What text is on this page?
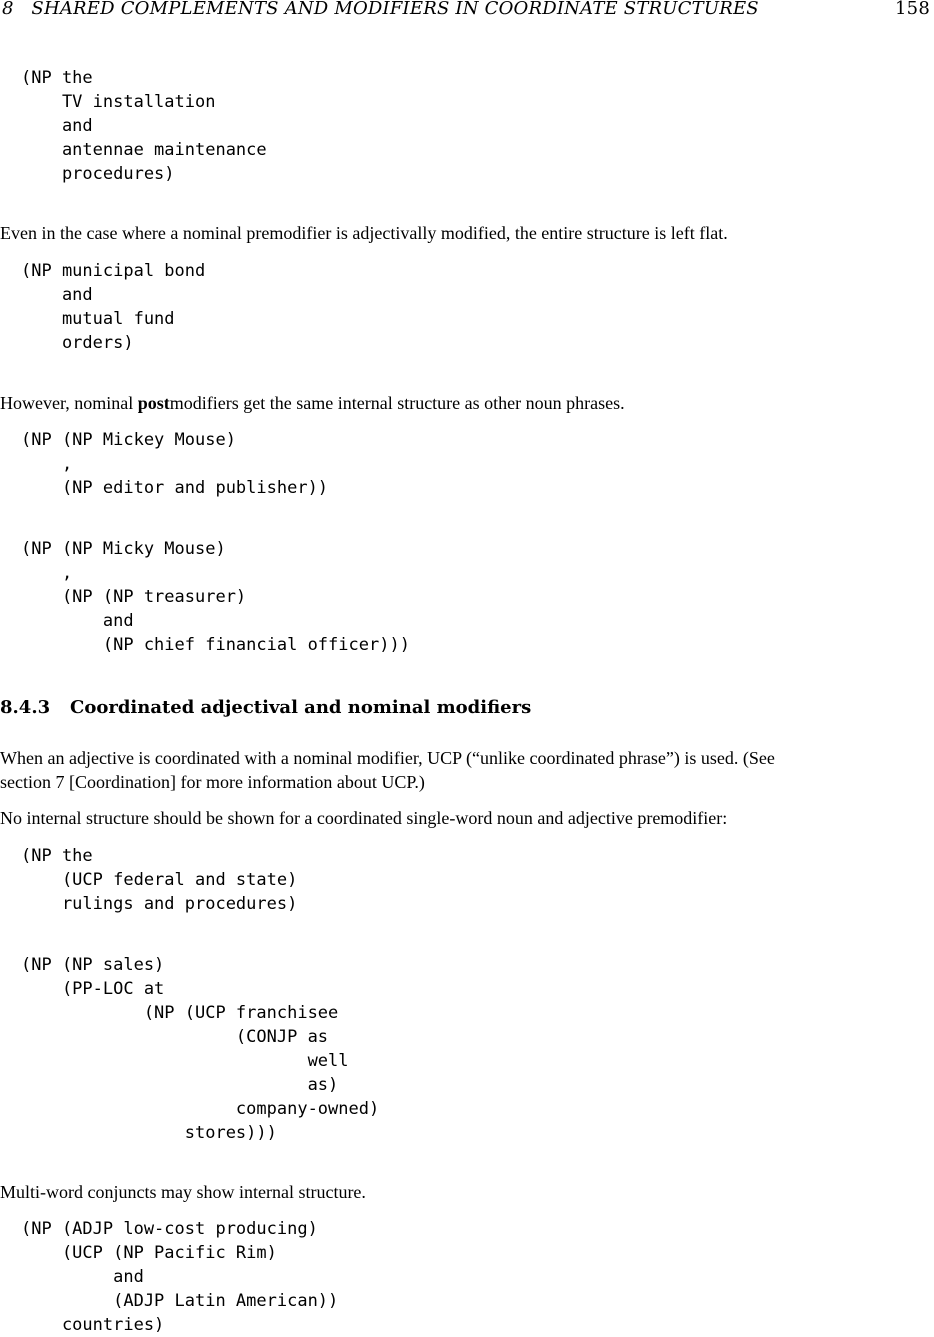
8   SHARED COMPLEMENTS AND MODIFIERS IN COORDINATE STRUCTURES	158
(NP the
TV installation
and
antennae maintenance
procedures)
Even in the case where a nominal premodifier is adjectivally modified, the entire structure is left flat.
(NP municipal bond
and
mutual fund
orders)
However, nominal postmodifiers get the same internal structure as other noun phrases.
(NP (NP Mickey Mouse)
,
(NP editor and publisher))
(NP (NP Micky Mouse)
,
(NP (NP treasurer)
and
(NP chief financial officer)))
8.4.3 Coordinated adjectival and nominal modifiers
When an adjective is coordinated with a nominal modifier, UCP (“unlike coordinated phrase”) is used. (See
section 7 [Coordination] for more information about UCP.)
No internal structure should be shown for a coordinated single-word noun and adjective premodifier:
(NP the
(UCP federal and state)
rulings and procedures)
(NP (NP sales)
(PP-LOC at
(NP (UCP franchisee
(CONJP as
well
as)
company-owned)
stores)))
Multi-word conjuncts may show internal structure.
(NP (ADJP low-cost producing)
(UCP (NP Pacific Rim)
and
(ADJP Latin American))
countries)
